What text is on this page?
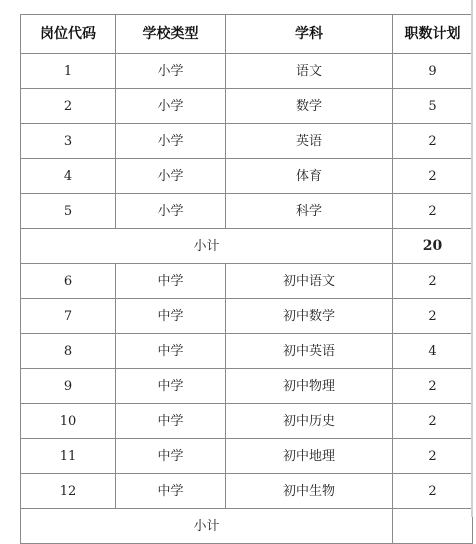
岗位代码	学校类型	学科	职数计划
1	小学	语文	9
2	小学	数学	5
3	小学	英语	2
4	小学	体育	2
5	小学	科学	2
小计			20
6	中学	初中语文	2
7	中学	初中数学	2
8	中学	初中英语	4
9	中学	初中物理	2
10	中学	初中历史	2
11	中学	初中地理	2
12	中学	初中生物	2
小计			
